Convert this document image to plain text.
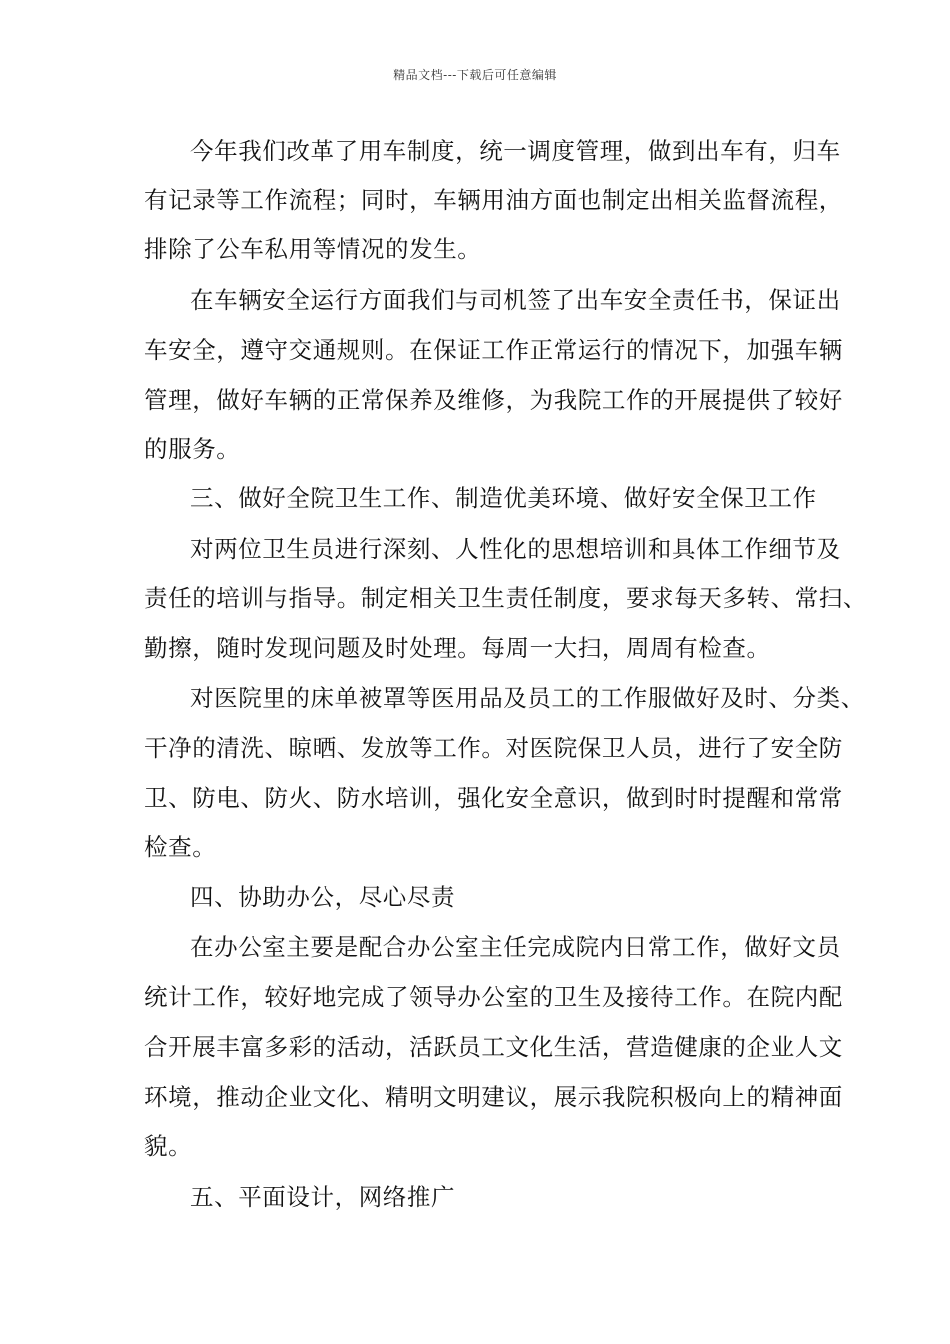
精品文档---下载后可任意编辑
今年我们改革了用车制度，统一调度管理，做到出车有，归车
有记录等工作流程；同时，车辆用油方面也制定出相关监督流程，
排除了公车私用等情况的发生。
在车辆安全运行方面我们与司机签了出车安全责任书，保证出
车安全，遵守交通规则。在保证工作正常运行的情况下，加强车辆
管理，做好车辆的正常保养及维修，为我院工作的开展提供了较好
的服务。
三、做好全院卫生工作、制造优美环境、做好安全保卫工作
对两位卫生员进行深刻、人性化的思想培训和具体工作细节及
责任的培训与指导。制定相关卫生责任制度，要求每天多转、常扫、
勤擦，随时发现问题及时处理。每周一大扫，周周有检查。
对医院里的床单被罩等医用品及员工的工作服做好及时、分类、
干净的清洗、晾晒、发放等工作。对医院保卫人员，进行了安全防
卫、防电、防火、防水培训，强化安全意识，做到时时提醒和常常
检查。
四、协助办公，尽心尽责
在办公室主要是配合办公室主任完成院内日常工作，做好文员
统计工作，较好地完成了领导办公室的卫生及接待工作。在院内配
合开展丰富多彩的活动，活跃员工文化生活，营造健康的企业人文
环境，推动企业文化、精明文明建议，展示我院积极向上的精神面
貌。
五、平面设计，网络推广
